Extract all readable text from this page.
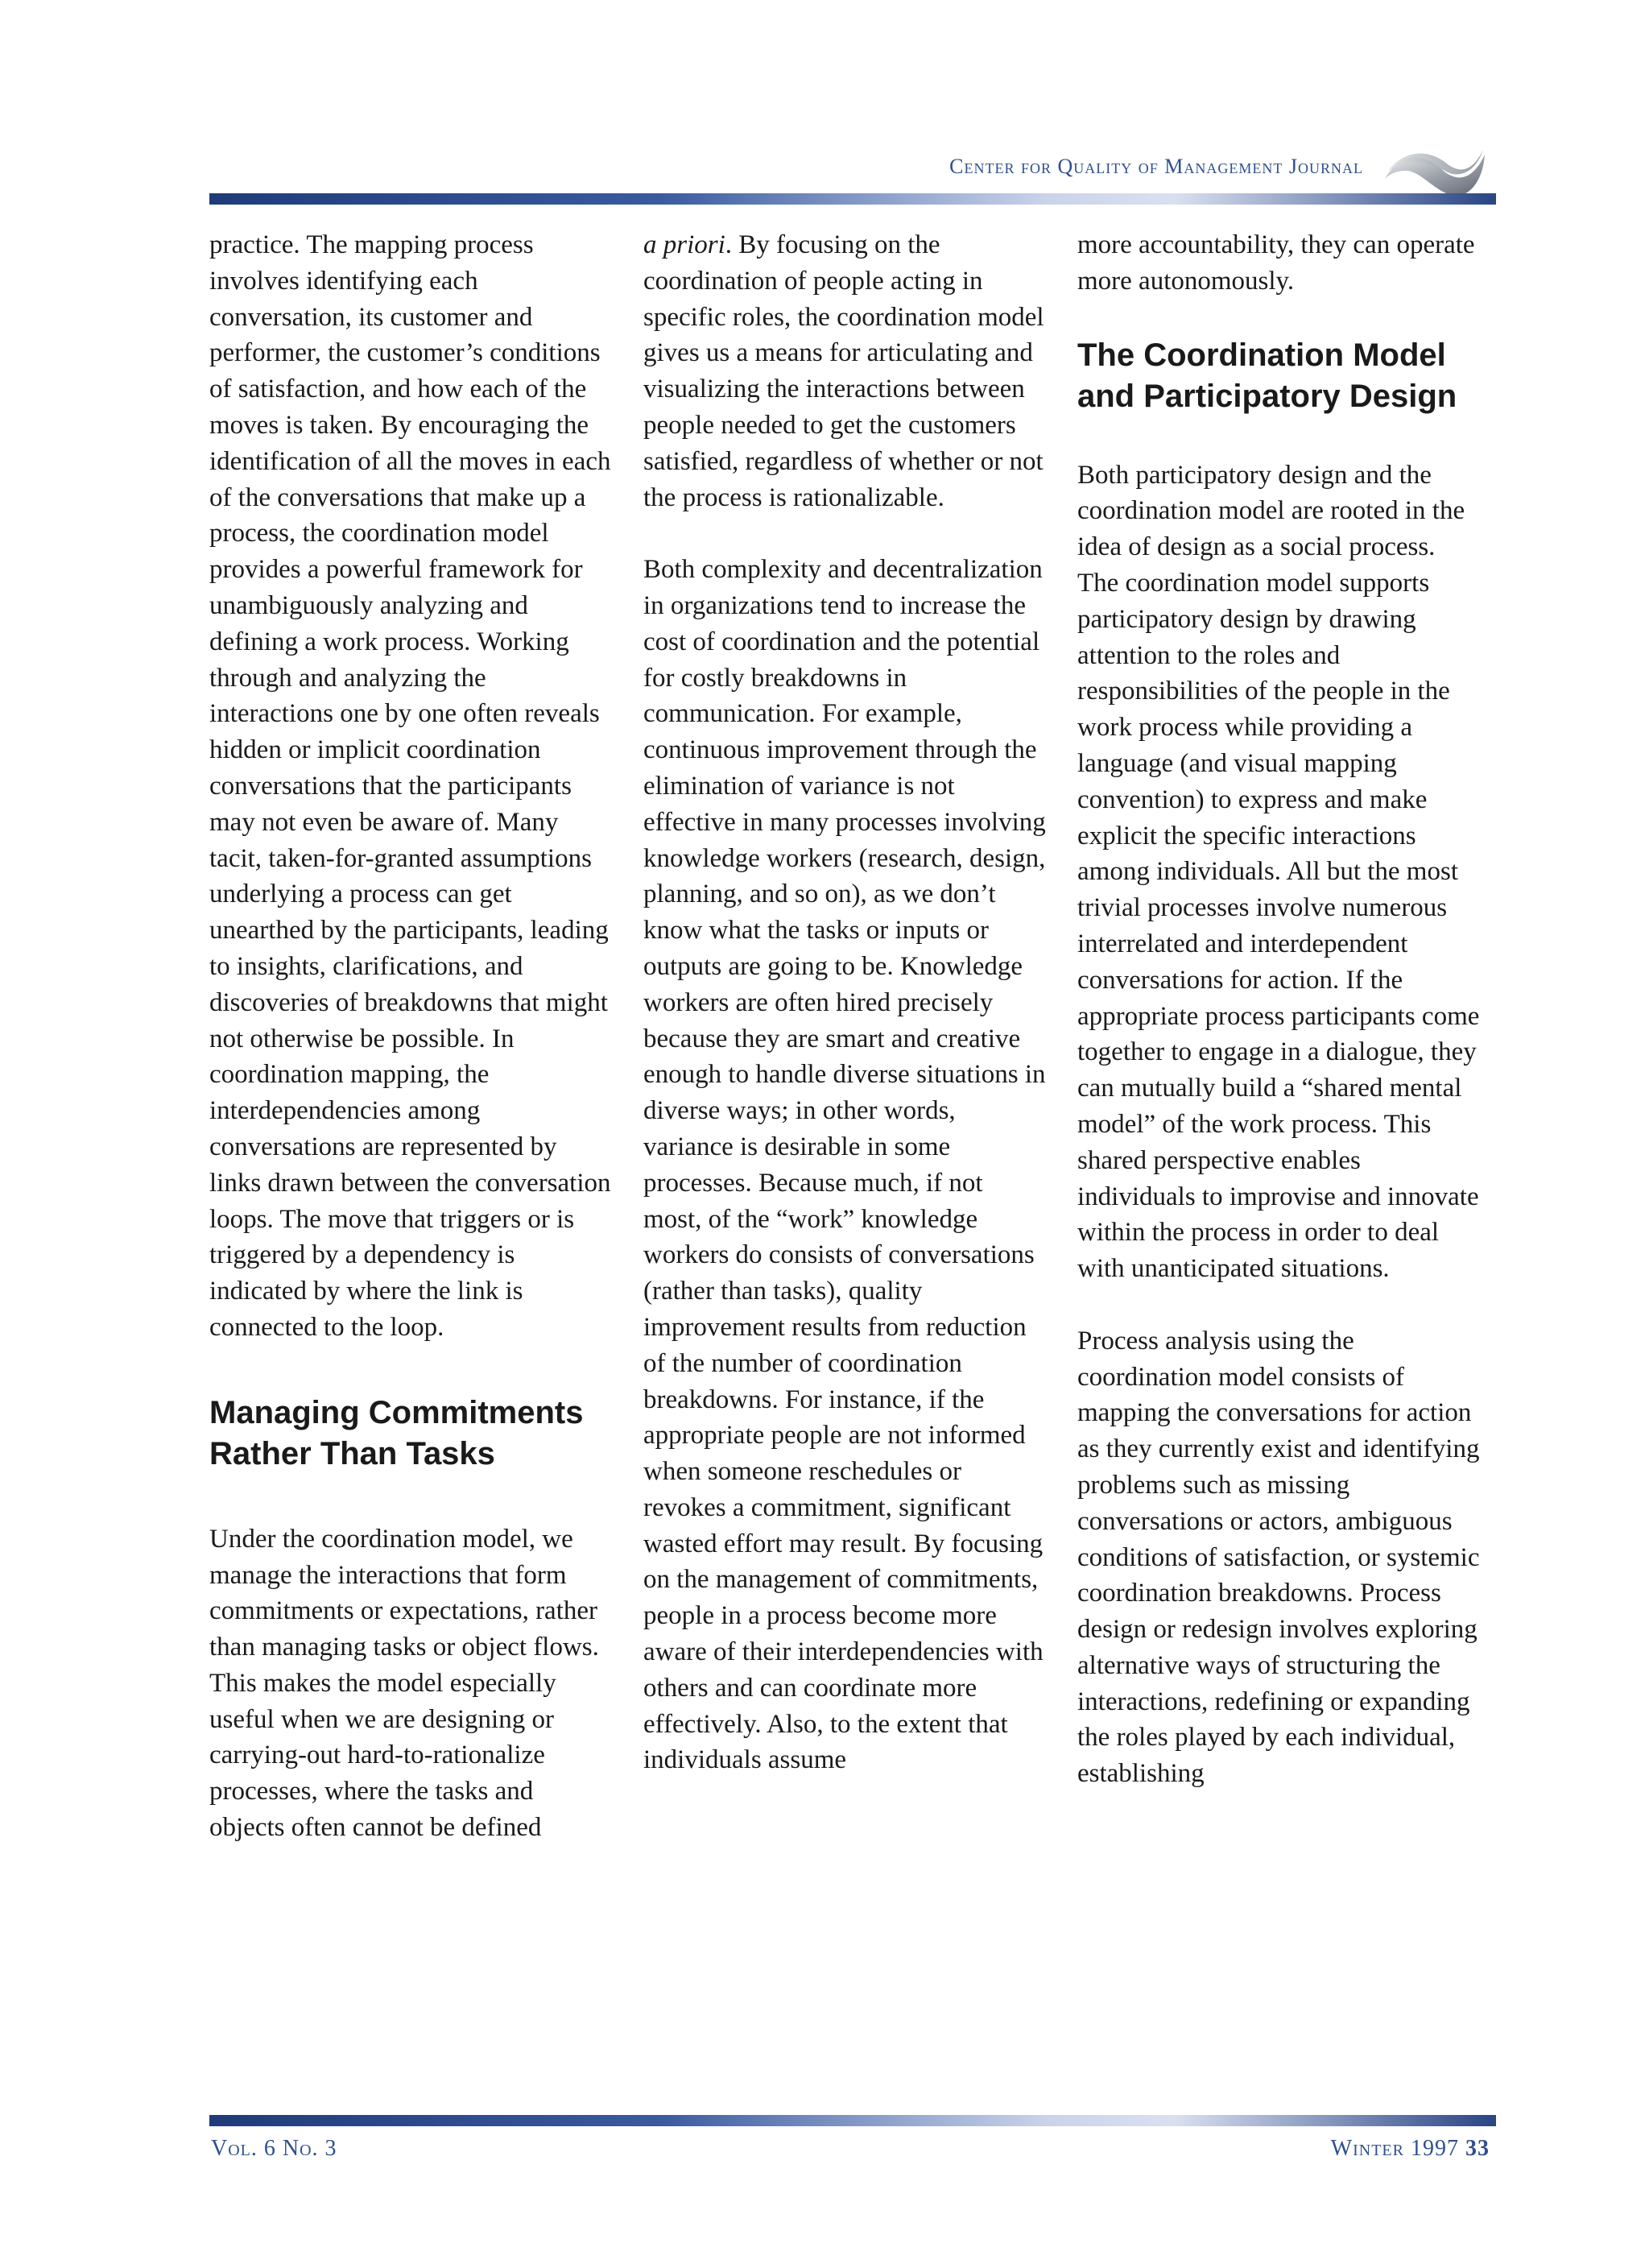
Center for Quality of Management Journal

practice. The mapping process involves identifying each conversation, its customer and performer, the customer’s conditions of satisfaction, and how each of the moves is taken. By encouraging the identification of all the moves in each of the conversations that make up a process, the coordination model provides a powerful framework for unambiguously analyzing and defining a work process. Working through and analyzing the interactions one by one often reveals hidden or implicit coordination conversations that the participants may not even be aware of. Many tacit, taken-for-granted assumptions underlying a process can get unearthed by the participants, leading to insights, clarifications, and discoveries of breakdowns that might not otherwise be possible. In coordination mapping, the interdependencies among conversations are represented by links drawn between the conversation loops. The move that triggers or is triggered by a dependency is indicated by where the link is connected to the loop.

Managing Commitments Rather Than Tasks

Under the coordination model, we manage the interactions that form commitments or expectations, rather than managing tasks or object flows. This makes the model especially useful when we are designing or carrying-out hard-to-rationalize processes, where the tasks and objects often cannot be defined

a priori. By focusing on the coordination of people acting in specific roles, the coordination model gives us a means for articulating and visualizing the interactions between people needed to get the customers satisfied, regardless of whether or not the process is rationalizable.

Both complexity and decentralization in organizations tend to increase the cost of coordination and the potential for costly breakdowns in communication. For example, continuous improvement through the elimination of variance is not effective in many processes involving knowledge workers (research, design, planning, and so on), as we don’t know what the tasks or inputs or outputs are going to be. Knowledge workers are often hired precisely because they are smart and creative enough to handle diverse situations in diverse ways; in other words, variance is desirable in some processes. Because much, if not most, of the “work” knowledge workers do consists of conversations (rather than tasks), quality improvement results from reduction of the number of coordination breakdowns. For instance, if the appropriate people are not informed when someone reschedules or revokes a commitment, significant wasted effort may result. By focusing on the management of commitments, people in a process become more aware of their interdependencies with others and can coordinate more effectively. Also, to the extent that individuals assume

more accountability, they can operate more autonomously.

The Coordination Model and Participatory Design

Both participatory design and the coordination model are rooted in the idea of design as a social process. The coordination model supports participatory design by drawing attention to the roles and responsibilities of the people in the work process while providing a language (and visual mapping convention) to express and make explicit the specific interactions among individuals. All but the most trivial processes involve numerous interrelated and interdependent conversations for action. If the appropriate process participants come together to engage in a dialogue, they can mutually build a “shared mental model” of the work process. This shared perspective enables individuals to improvise and innovate within the process in order to deal with unanticipated situations.

Process analysis using the coordination model consists of mapping the conversations for action as they currently exist and identifying problems such as missing conversations or actors, ambiguous conditions of satisfaction, or systemic coordination breakdowns. Process design or redesign involves exploring alternative ways of structuring the interactions, redefining or expanding the roles played by each individual, establishing

Vol. 6 No. 3	Winter 1997 33
